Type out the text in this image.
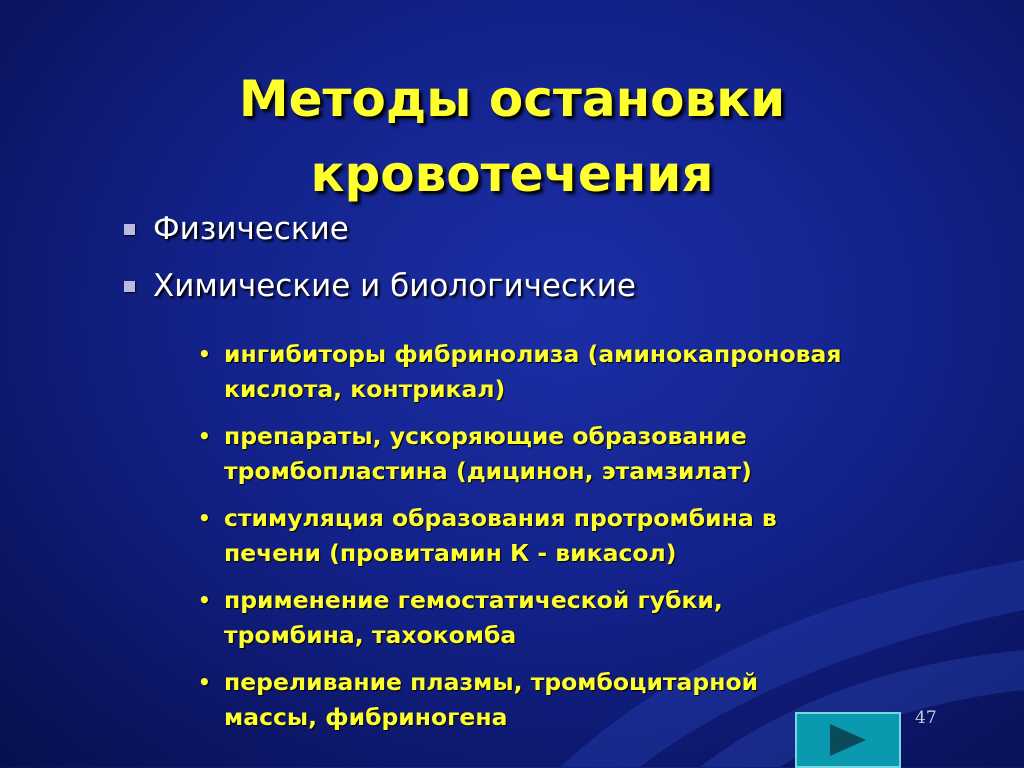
Методы остановки
кровотечения
Физические
Химические и биологические
• ингибиторы фибринолиза (аминокапроновая
кислота, контрикал)
• препараты, ускоряющие образование
тромбопластина (дицинон, этамзилат)
• стимуляция образования протромбина в
печени (провитамин К - викасол)
• применение гемостатической губки,
тромбина, тахокомба
• переливание плазмы, тромбоцитарной
массы, фибриногена	47
